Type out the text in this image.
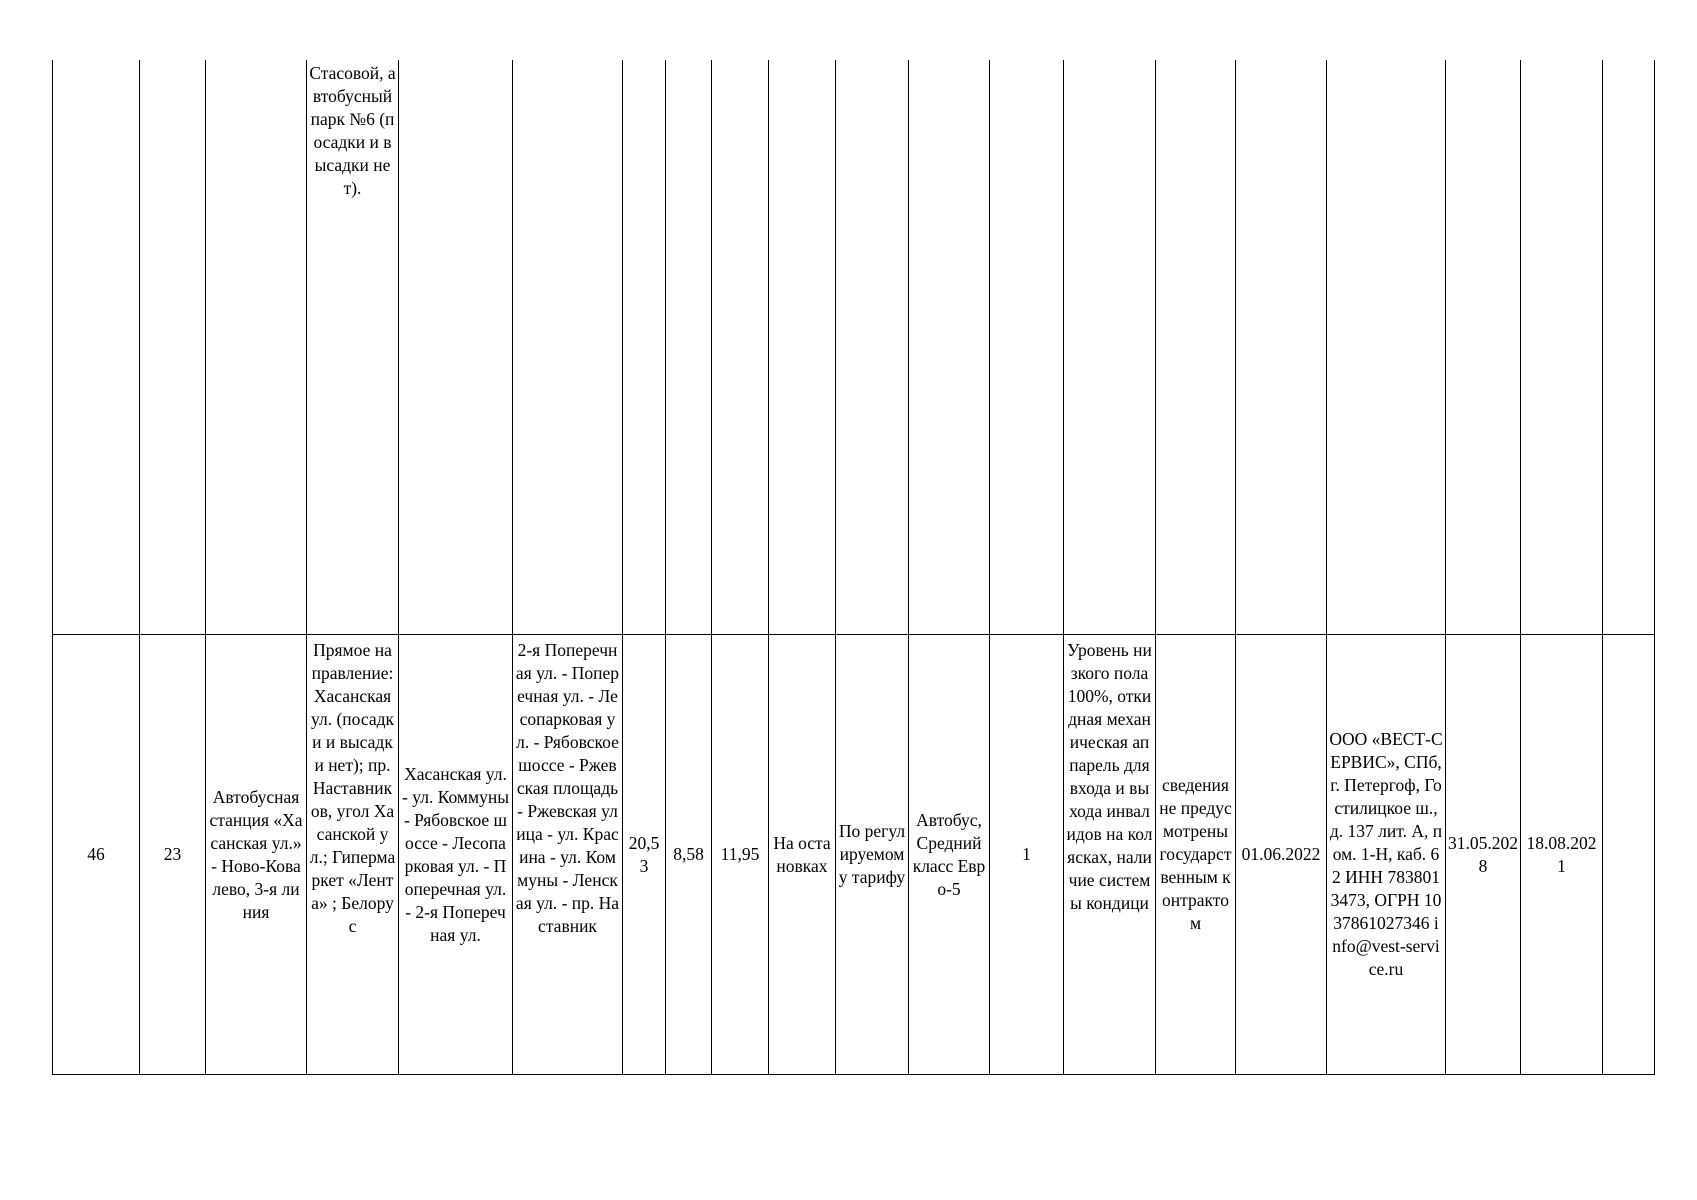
			Стасовой, автобусный парк №6 (посадки и высадки нет).																

46	23	Автобусная станция «Хасанская ул.» - Ново-Ковалево, 3-я линия	Прямое направление: Хасанская ул. (посадки и высадки нет); пр. Наставников, угол Хасанской ул.; Гипермаркет «Лента» ; Белорус	Хасанская ул. - ул. Коммуны - Рябовское шоссе - Лесопарковая ул. - Поперечная ул. - 2-я Поперечная ул.	2-я Поперечная ул. - Поперечная ул. - Лесопарковая ул. - Рябовское шоссе - Ржевская площадь - Ржевская улица - ул. Красина - ул. Коммуны - Ленская ул. - пр. Наставник	20,53	8,58	11,95	На остановках	По регулируемому тарифу	Автобус, Средний класс Евро-5	1	Уровень низкого пола 100%, откидная механическая аппарель для входа и выхода инвалидов на колясках, наличие системы кондици	сведения не предусмотрены государственным контрактом	01.06.2022	ООО «ВЕСТ-СЕРВИС», СПб, г. Петергоф, Гостилицкое ш., д. 137 лит. А, пом. 1-Н, каб. 62 ИНН 7838013473, ОГРН 1037861027346 info@vest-service.ru	31.05.2028	18.08.2021	
